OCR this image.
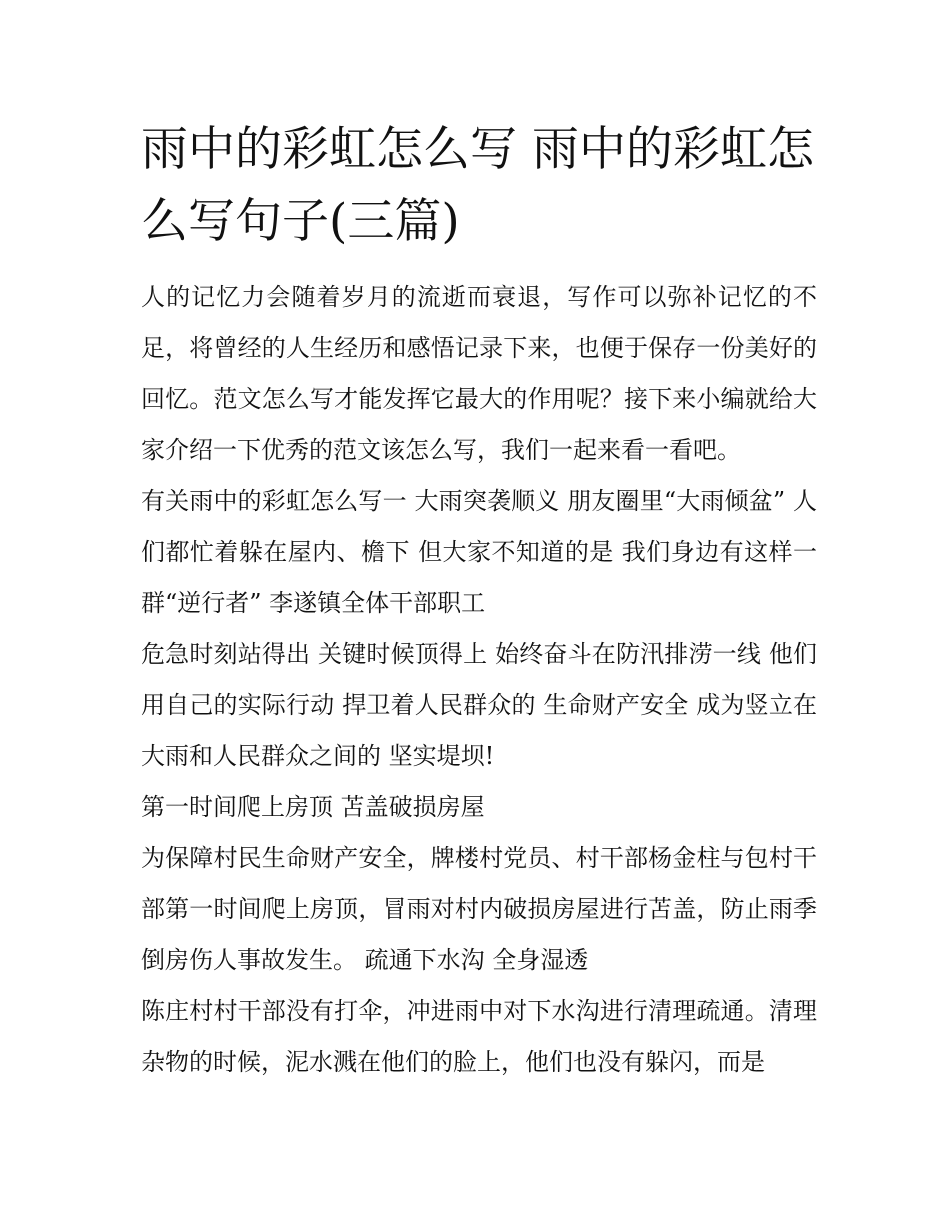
雨中的彩虹怎么写 雨中的彩虹怎么写句子(三篇)

人的记忆力会随着岁月的流逝而衰退，写作可以弥补记忆的不足，将曾经的人生经历和感悟记录下来，也便于保存一份美好的回忆。范文怎么写才能发挥它最大的作用呢？接下来小编就给大家介绍一下优秀的范文该怎么写，我们一起来看一看吧。

有关雨中的彩虹怎么写一 大雨突袭顺义 朋友圈里“大雨倾盆” 人们都忙着躲在屋内、檐下 但大家不知道的是 我们身边有这样一群“逆行者” 李遂镇全体干部职工

危急时刻站得出 关键时候顶得上 始终奋斗在防汛排涝一线 他们用自己的实际行动 捍卫着人民群众的 生命财产安全 成为竖立在 大雨和人民群众之间的 坚实堤坝!

第一时间爬上房顶 苫盖破损房屋

为保障村民生命财产安全，牌楼村党员、村干部杨金柱与包村干部第一时间爬上房顶，冒雨对村内破损房屋进行苫盖，防止雨季倒房伤人事故发生。 疏通下水沟 全身湿透

陈庄村村干部没有打伞，冲进雨中对下水沟进行清理疏通。清理杂物的时候，泥水溅在他们的脸上，他们也没有躲闪，而是
